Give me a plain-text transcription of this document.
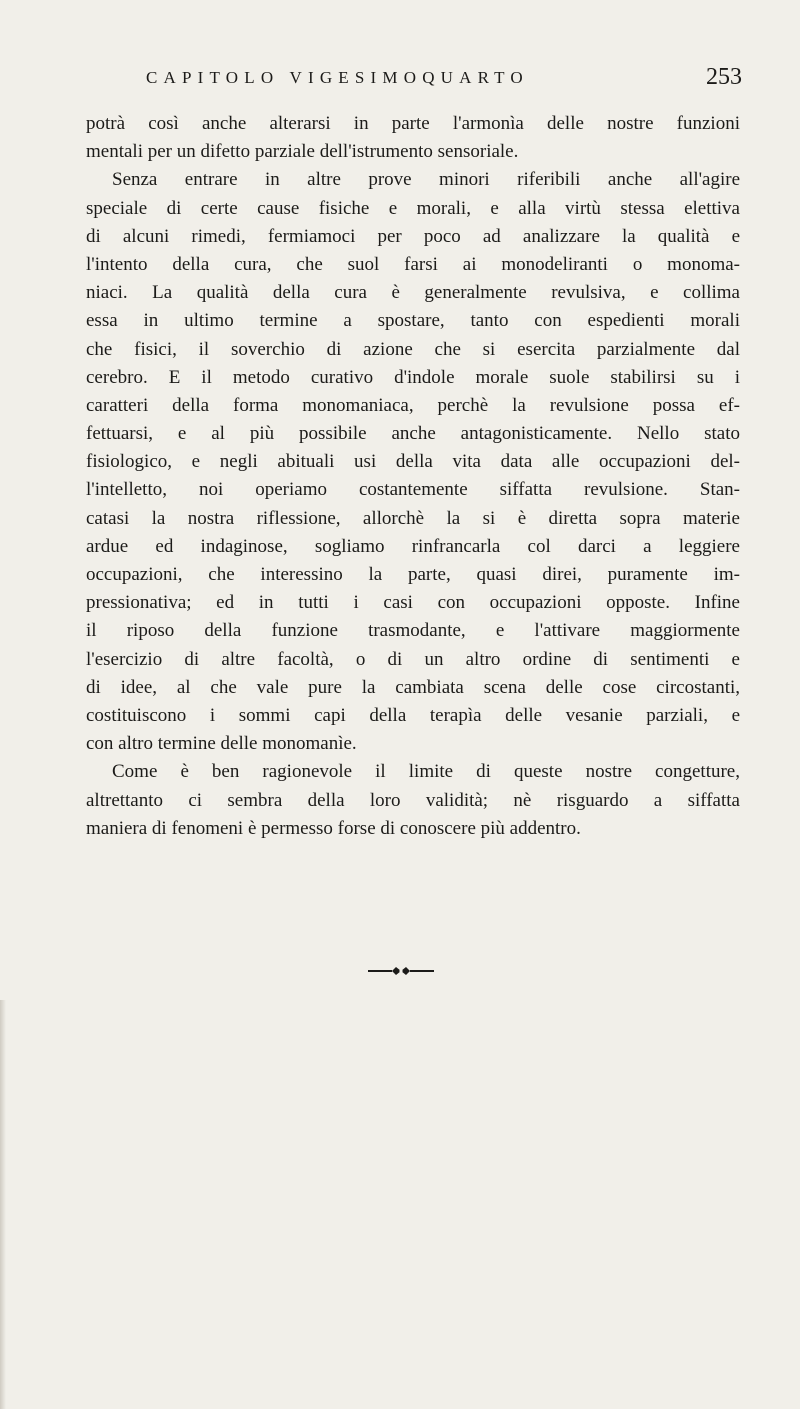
CAPITOLO VIGESIMOQUARTO	253
potrà così anche alterarsi in parte l'armonìa delle nostre funzioni
mentali per un difetto parziale dell'istrumento sensoriale.
Senza entrare in altre prove minori riferibili anche all'agire
speciale di certe cause fisiche e morali, e alla virtù stessa elettiva
di alcuni rimedi, fermiamoci per poco ad analizzare la qualità e
l'intento della cura, che suol farsi ai monodeliranti o monoma-
niaci. La qualità della cura è generalmente revulsiva, e collima
essa in ultimo termine a spostare, tanto con espedienti morali
che fisici, il soverchio di azione che si esercita parzialmente dal
cerebro. E il metodo curativo d'indole morale suole stabilirsi su i
caratteri della forma monomaniaca, perchè la revulsione possa ef-
fettuarsi, e al più possibile anche antagonisticamente. Nello stato
fisiologico, e negli abituali usi della vita data alle occupazioni del-
l'intelletto, noi operiamo costantemente siffatta revulsione. Stan-
catasi la nostra riflessione, allorchè la si è diretta sopra materie
ardue ed indaginose, sogliamo rinfrancarla col darci a leggiere
occupazioni, che interessino la parte, quasi direi, puramente im-
pressionativa; ed in tutti i casi con occupazioni opposte. Infine
il riposo della funzione trasmodante, e l'attivare maggiormente
l'esercizio di altre facoltà, o di un altro ordine di sentimenti e
di idee, al che vale pure la cambiata scena delle cose circostanti,
costituiscono i sommi capi della terapìa delle vesanie parziali, e
con altro termine delle monomanìe.
Come è ben ragionevole il limite di queste nostre congetture,
altrettanto ci sembra della loro validità; nè risguardo a siffatta
maniera di fenomeni è permesso forse di conoscere più addentro.
